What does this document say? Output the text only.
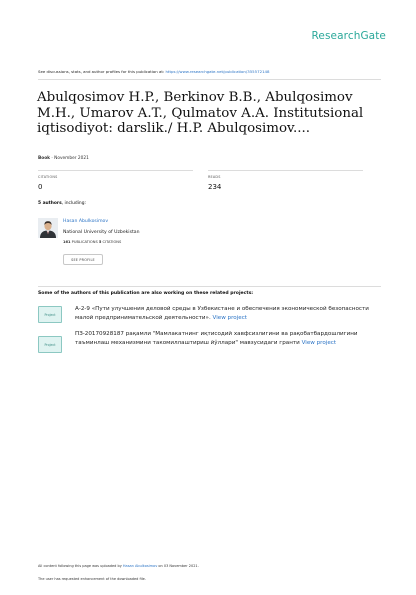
ResearchGate
See discussions, stats, and author profiles for this publication at: https://www.researchgate.net/publication/355572148
Abulqosimov H.P., Berkinov B.B., Abulqosimov M.H., Umarov A.T., Qulmatov A.A. Institutsional iqtisodiyot: darslik./ H.P. Abulqosimov....
Book · November 2021
CITATIONS	READS
0	234
5 authors, including:
Hasan Abulkosimov
National University of Uzbekistan
161 PUBLICATIONS 5 CITATIONS
SEE PROFILE
Some of the authors of this publication are also working on these related projects:
Project
А-2-9 «Пути улучшения деловой среды в Узбекистане и обеспечения экономической безопасности малой предпринимательской деятельности». View project
Project
ПЗ-20170928187 рақамли "Мамлакатнинг иқтисодий хавфсизлигини ва рақобатбардошлигини таъминлаш механизмини такомиллаштириш йўллари" мавзусидаги гранти View project
All content following this page was uploaded by Hasan Abulkosimov on 03 November 2021.
The user has requested enhancement of the downloaded file.
